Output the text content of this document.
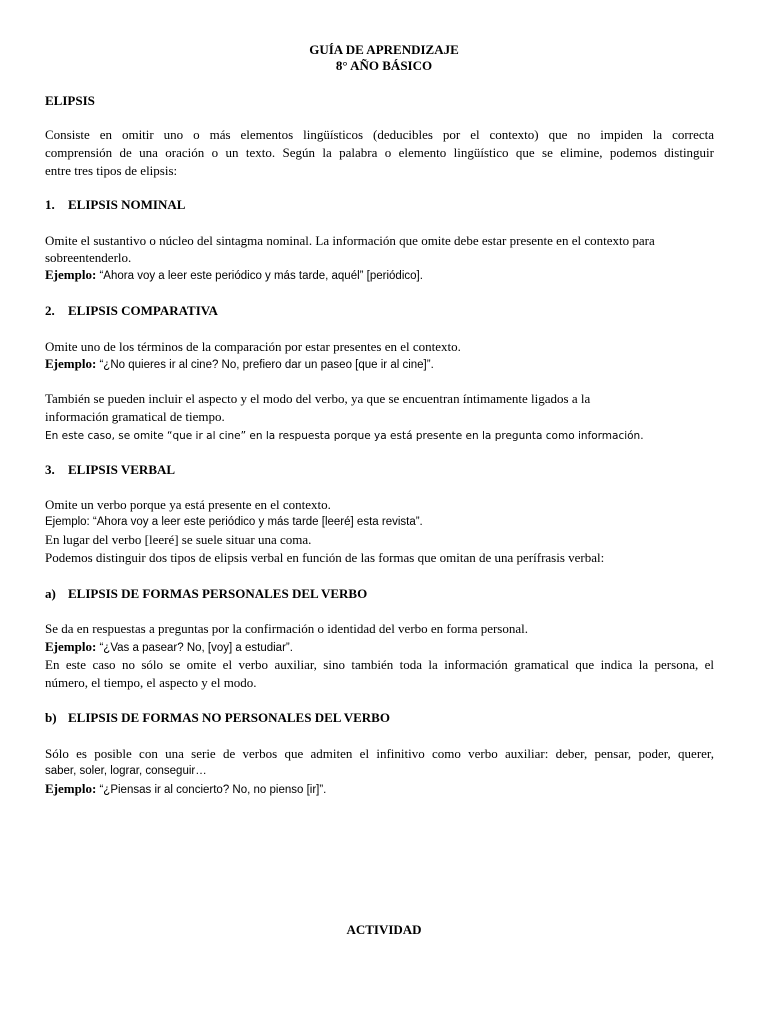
GUÍA DE APRENDIZAJE
8° AÑO BÁSICO
ELIPSIS
Consiste en omitir uno o más elementos lingüísticos (deducibles por el contexto) que no impiden la correcta
comprensión de una oración o un texto. Según la palabra o elemento lingüístico que se elimine, podemos distinguir
entre tres tipos de elipsis:
1. ELIPSIS NOMINAL
Omite el sustantivo o núcleo del sintagma nominal. La información que omite debe estar presente en el contexto para
sobreentenderlo.
Ejemplo: “Ahora voy a leer este periódico y más tarde, aquél” [periódico].
2. ELIPSIS COMPARATIVA
Omite uno de los términos de la comparación por estar presentes en el contexto.
Ejemplo: “¿No quieres ir al cine? No, prefiero dar un paseo [que ir al cine]”.
También se pueden incluir el aspecto y el modo del verbo, ya que se encuentran íntimamente ligados a la
información gramatical de tiempo.
En este caso, se omite “que ir al cine” en la respuesta porque ya está presente en la pregunta como información.
3. ELIPSIS VERBAL
Omite un verbo porque ya está presente en el contexto.
Ejemplo: “Ahora voy a leer este periódico y más tarde [leeré] esta revista”.
En lugar del verbo [leeré] se suele situar una coma.
Podemos distinguir dos tipos de elipsis verbal en función de las formas que omitan de una perífrasis verbal:
a) ELIPSIS DE FORMAS PERSONALES DEL VERBO
Se da en respuestas a preguntas por la confirmación o identidad del verbo en forma personal.
Ejemplo: “¿Vas a pasear? No, [voy] a estudiar”.
En este caso no sólo se omite el verbo auxiliar, sino también toda la información gramatical que indica la persona, el
número, el tiempo, el aspecto y el modo.
b) ELIPSIS DE FORMAS NO PERSONALES DEL VERBO
Sólo es posible con una serie de verbos que admiten el infinitivo como verbo auxiliar: deber, pensar, poder, querer,
saber, soler, lograr, conseguir…
Ejemplo: “¿Piensas ir al concierto? No, no pienso [ir]”.
ACTIVIDAD
